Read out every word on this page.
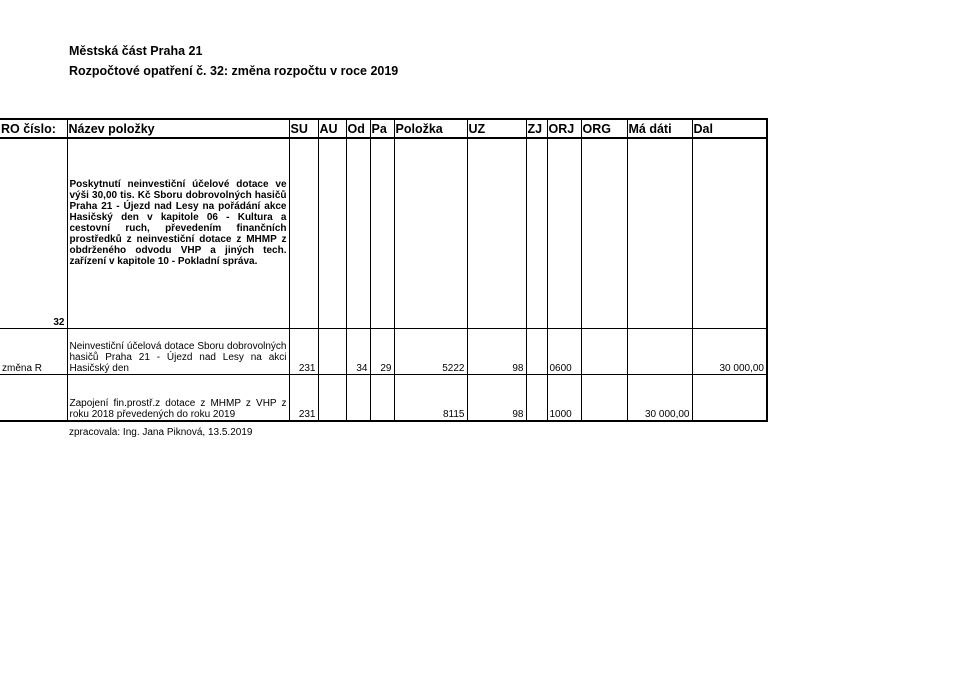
Městská část Praha 21
Rozpočtové opatření č. 32: změna rozpočtu v roce 2019
RO číslo:	Název položky	SU	AU	Od	Pa	Položka	UZ	ZJ	ORJ	ORG	Má dáti	Dal
32	Poskytnutí neinvestiční účelové dotace ve výši 30,00 tis. Kč Sboru dobrovolných hasičů Praha 21 - Újezd nad Lesy na pořádání akce Hasičský den v kapitole 06 - Kultura a cestovní ruch, převedením finančních prostředků z neinvestiční dotace z MHMP z obdrženého odvodu VHP a jiných tech. zařízení v kapitole 10 - Pokladní správa.											

změna R	Neinvestiční účelová dotace Sboru dobrovolných hasičů Praha 21 - Újezd nad Lesy na akci Hasičský den	231		34	29	5222	98		0600			30 000,00
	Zapojení fin.prostř.z dotace z MHMP z VHP z roku 2018 převedených do roku 2019	231				8115	98		1000		30 000,00	
zpracovala: Ing. Jana Piknová, 13.5.2019
